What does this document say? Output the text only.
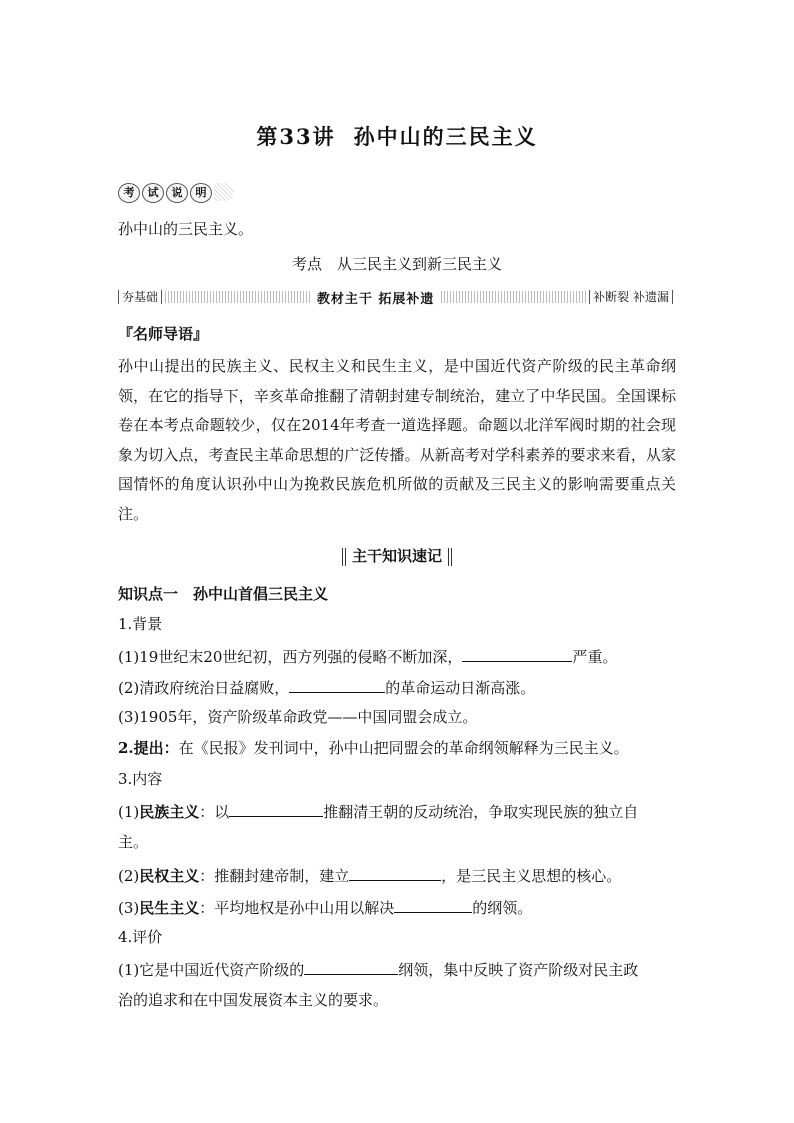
第33讲 孙中山的三民主义
考	试	说	明
孙中山的三民主义。
考点　从三民主义到新三民主义
夯基础	教材主干 拓展补遗	补断裂 补遗漏
『名师导语』
孙中山提出的民族主义、民权主义和民生主义，是中国近代资产阶级的民主革命纲领，在它的指导下，辛亥革命推翻了清朝封建专制统治，建立了中华民国。全国课标卷在本考点命题较少，仅在2014年考查一道选择题。命题以北洋军阀时期的社会现象为切入点，考查民主革命思想的广泛传播。从新高考对学科素养的要求来看，从家国情怀的角度认识孙中山为挽救民族危机所做的贡献及三民主义的影响需要重点关注。
主干知识速记
知识点一　孙中山首倡三民主义
1.背景
(1)19世纪末20世纪初，西方列强的侵略不断加深，	严重。
(2)清政府统治日益腐败，	的革命运动日渐高涨。
(3)1905年，资产阶级革命政党——中国同盟会成立。
2.提出：在《民报》发刊词中，孙中山把同盟会的革命纲领解释为三民主义。
3.内容
(1)民族主义：以	推翻清王朝的反动统治，争取实现民族的独立自
主。
(2)民权主义：推翻封建帝制，建立	，是三民主义思想的核心。
(3)民生主义：平均地权是孙中山用以解决	的纲领。
4.评价
(1)它是中国近代资产阶级的	纲领，集中反映了资产阶级对民主政
治的追求和在中国发展资本主义的要求。
